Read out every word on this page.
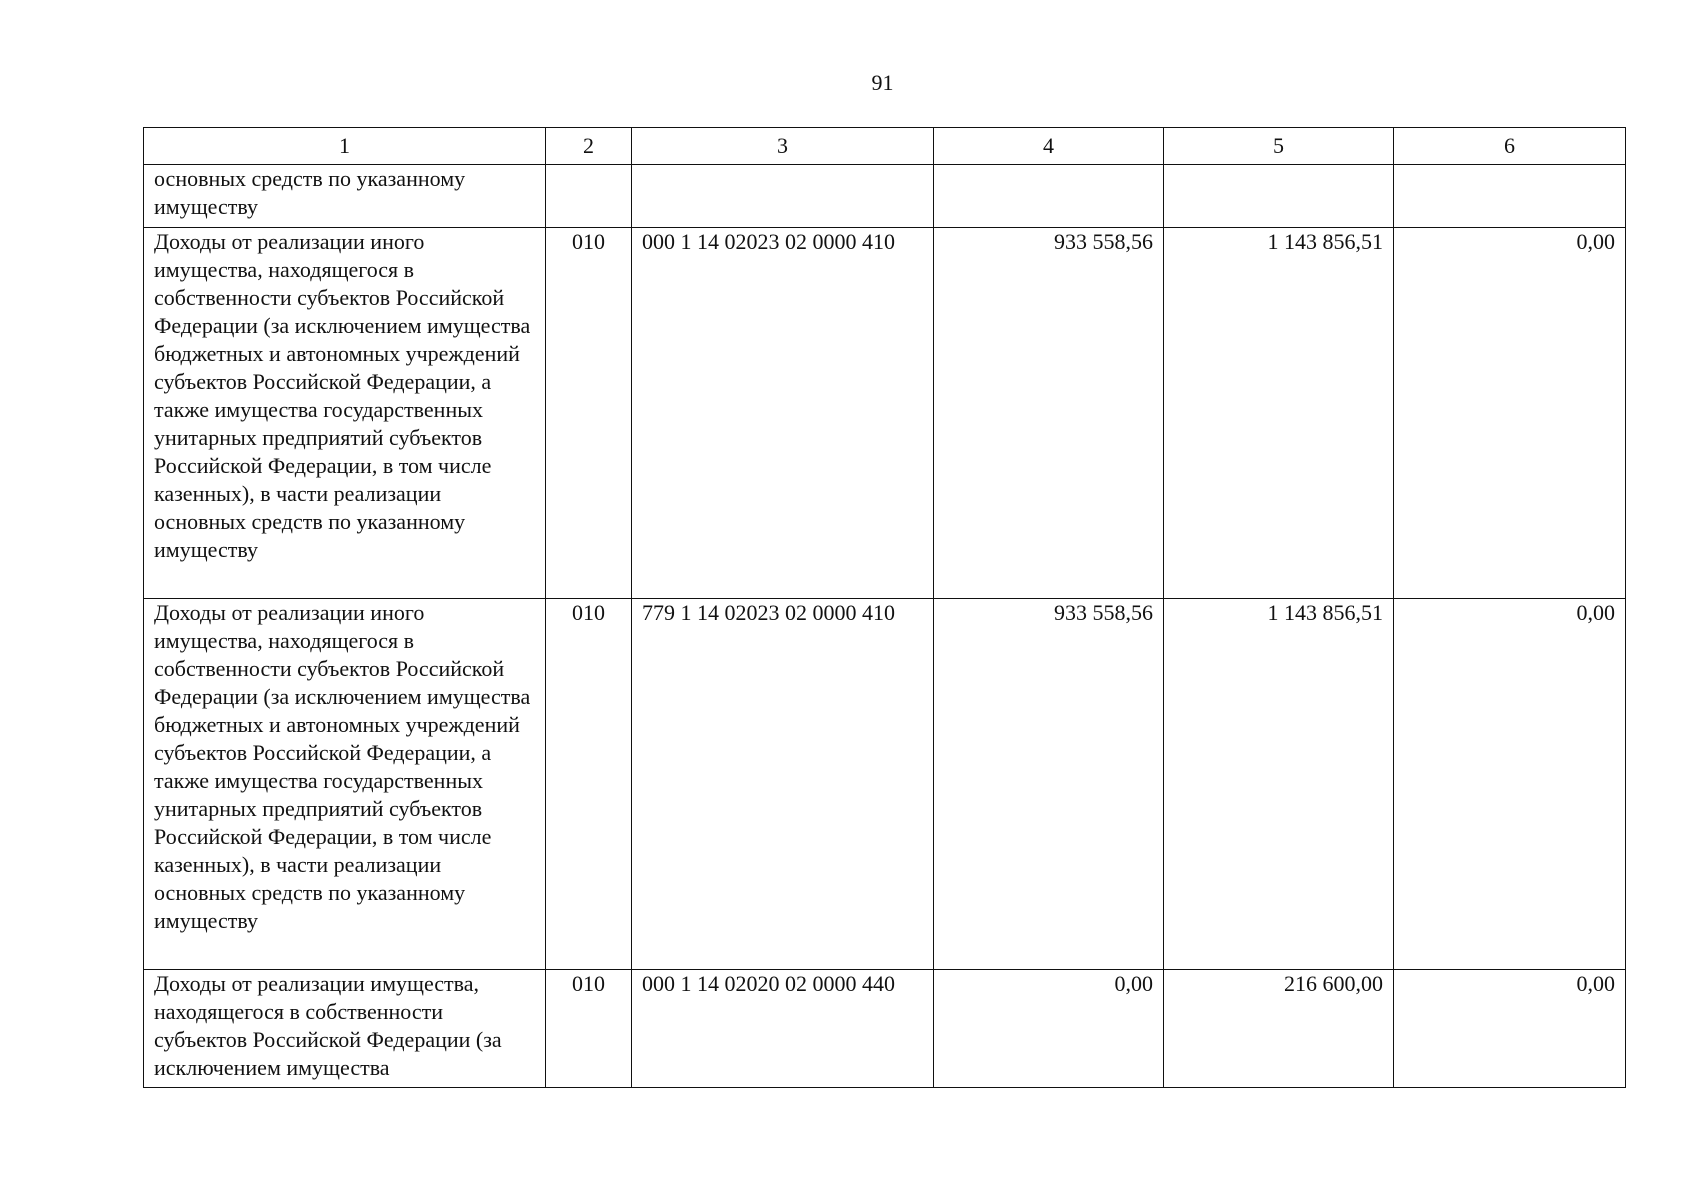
91
1	2	3	4	5	6
основных средств по указанному имуществу					
Доходы от реализации иного имущества, находящегося в собственности субъектов Российской Федерации (за исключением имущества бюджетных и автономных учреждений субъектов Российской Федерации, а также имущества государственных унитарных предприятий субъектов Российской Федерации, в том числе казенных), в части реализации основных средств по указанному имуществу	010	000 1 14 02023 02 0000 410	933 558,56	1 143 856,51	0,00
Доходы от реализации иного имущества, находящегося в собственности субъектов Российской Федерации (за исключением имущества бюджетных и автономных учреждений субъектов Российской Федерации, а также имущества государственных унитарных предприятий субъектов Российской Федерации, в том числе казенных), в части реализации основных средств по указанному имуществу	010	779 1 14 02023 02 0000 410	933 558,56	1 143 856,51	0,00
Доходы от реализации имущества, находящегося в собственности субъектов Российской Федерации (за исключением имущества	010	000 1 14 02020 02 0000 440	0,00	216 600,00	0,00
